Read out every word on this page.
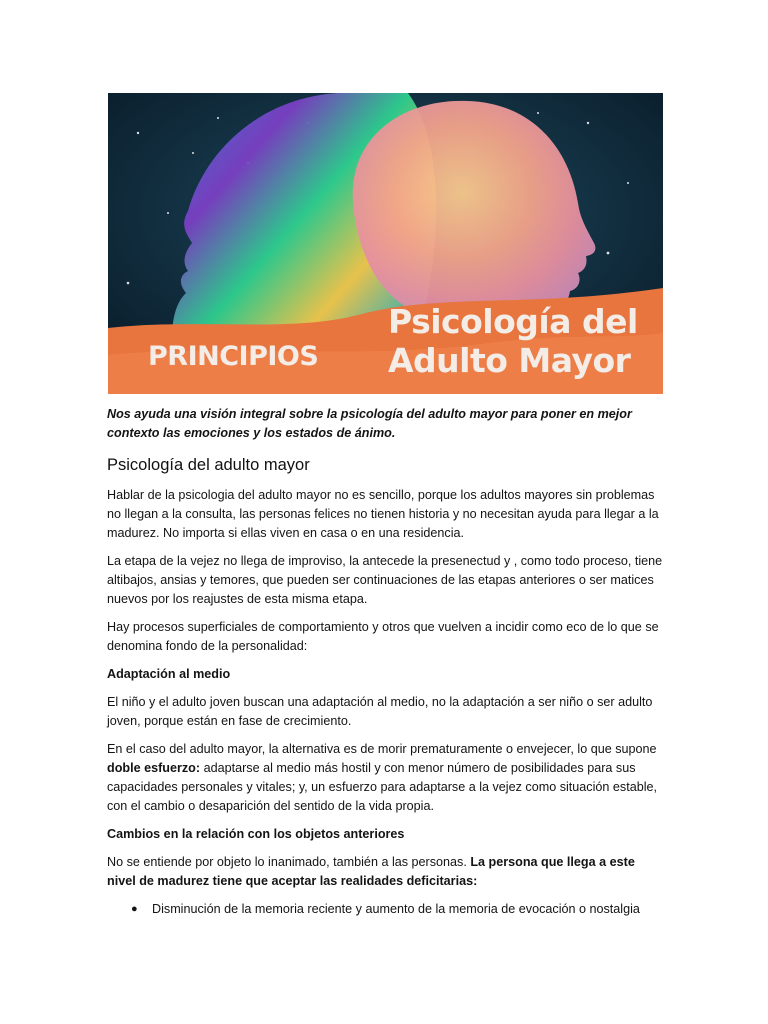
PRINCIPIOS
Psicología del
Adulto Mayor

Nos ayuda una visión integral sobre la psicología del adulto mayor para poner en mejor contexto las emociones y los estados de ánimo.

Psicología del adulto mayor

Hablar de la psicologia del adulto mayor no es sencillo, porque los adultos mayores sin problemas no llegan a la consulta, las personas felices no tienen historia y no necesitan ayuda para llegar a la madurez. No importa si ellas viven en casa o en una residencia.

La etapa de la vejez no llega de improviso, la antecede la presenectud y , como todo proceso, tiene altibajos, ansias y temores, que pueden ser continuaciones de las etapas anteriores o ser matices nuevos por los reajustes de esta misma etapa.

Hay procesos superficiales de comportamiento y otros que vuelven a incidir como eco de lo que se denomina fondo de la personalidad:

Adaptación al medio

El niño y el adulto joven buscan una adaptación al medio, no la adaptación a ser niño o ser adulto joven, porque están en fase de crecimiento.

En el caso del adulto mayor, la alternativa es de morir prematuramente o envejecer, lo que supone doble esfuerzo: adaptarse al medio más hostil y con menor número de posibilidades para sus capacidades personales y vitales; y, un esfuerzo para adaptarse a la vejez como situación estable, con el cambio o desaparición del sentido de la vida propia.

Cambios en la relación con los objetos anteriores

No se entiende por objeto lo inanimado, también a las personas. La persona que llega a este nivel de madurez tiene que aceptar las realidades deficitarias:

● Disminución de la memoria reciente y aumento de la memoria de evocación o nostalgia
